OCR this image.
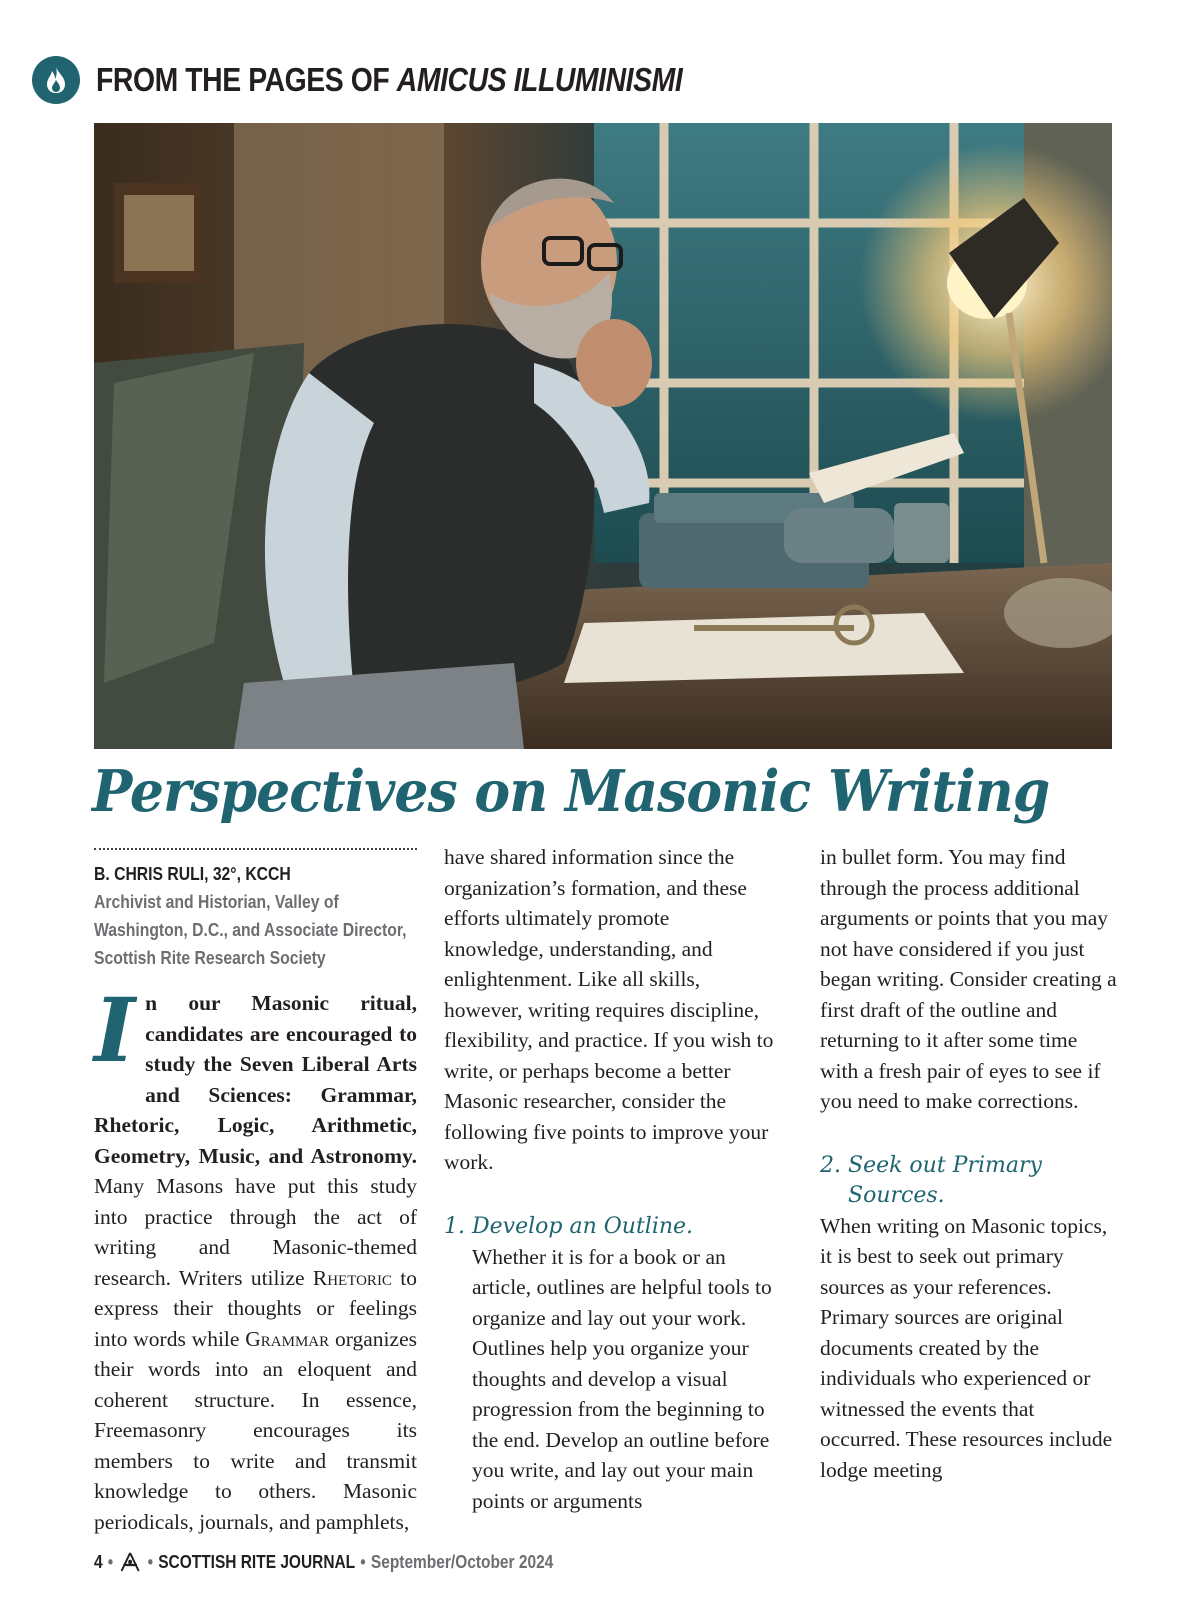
FROM THE PAGES OF AMICUS ILLUMINISMI
Perspectives on Masonic Writing
B. CHRIS RULI, 32°, KCCH
Archivist and Historian, Valley of Washington, D.C., and Associate Director, Scottish Rite Research Society
I n our Masonic ritual, candidates are encouraged to study the Seven Liberal Arts and Sciences: Grammar, Rhetoric, Logic, Arithmetic, Geometry, Music, and Astronomy. Many Masons have put this study into practice through the act of writing and Masonic-themed research. Writers utilize Rhetoric to express their thoughts or feelings into words while Grammar organizes their words into an eloquent and coherent structure. In essence, Freemasonry encourages its members to write and transmit knowledge to others. Masonic periodicals, journals, and pamphlets,

have shared information since the organization’s formation, and these efforts ultimately promote knowledge, understanding, and enlightenment. Like all skills, however, writing requires discipline, flexibility, and practice. If you wish to write, or perhaps become a better Masonic researcher, consider the following five points to improve your work.

1. Develop an Outline.

Whether it is for a book or an article, outlines are helpful tools to organize and lay out your work. Outlines help you organize your thoughts and develop a visual progression from the beginning to the end. Develop an outline before you write, and lay out your main points or arguments

in bullet form. You may find through the process additional arguments or points that you may not have considered if you just began writing. Consider creating a first draft of the outline and returning to it after some time with a fresh pair of eyes to see if you need to make corrections.

2. Seek out Primary Sources.

When writing on Masonic topics, it is best to seek out primary sources as your references. Primary sources are original documents created by the individuals who experienced or witnessed the events that occurred. These resources include lodge meeting

4 • • SCOTTISH RITE JOURNAL • September/October 2024
